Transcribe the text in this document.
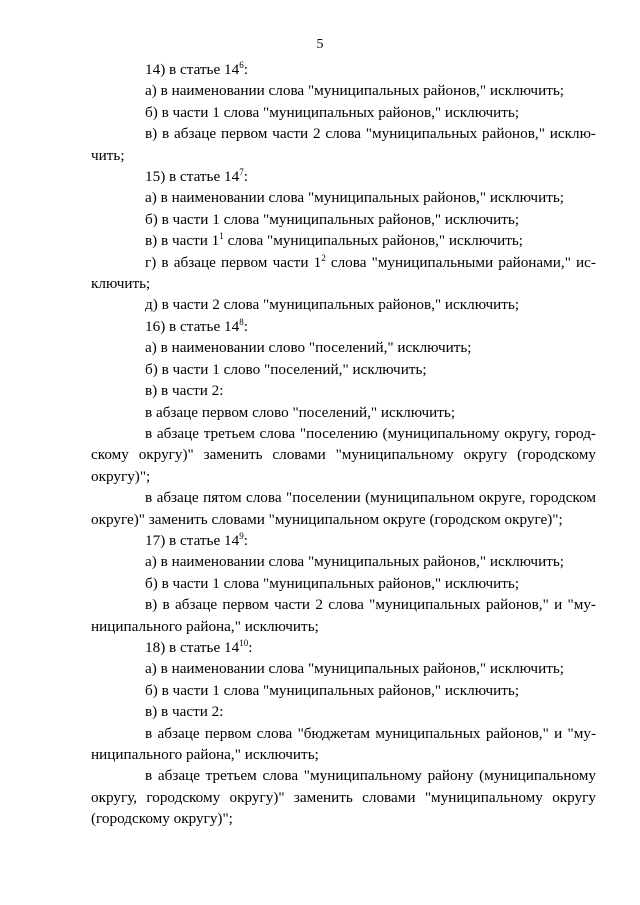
5

14) в статье $14^6$:

а) в наименовании слова "муниципальных районов," исключить;

б) в части 1 слова "муниципальных районов," исключить;

в) в абзаце первом части 2 слова "муниципальных районов," исклю-чить;

15) в статье $14^7$:

а) в наименовании слова "муниципальных районов," исключить;

б) в части 1 слова "муниципальных районов," исключить;

в) в части $1^1$ слова "муниципальных районов," исключить;

г) в абзаце первом части $1^2$ слова "муниципальными районами," ис-ключить;

д) в части 2 слова "муниципальных районов," исключить;

16) в статье $14^8$:

а) в наименовании слово "поселений," исключить;

б) в части 1 слово "поселений," исключить;

в) в части 2:

в абзаце первом слово "поселений," исключить;

в абзаце третьем слова "поселению (муниципальному округу, город-скому округу)" заменить словами "муниципальному округу (городскому округу)";

в абзаце пятом слова "поселении (муниципальном округе, городском округе)" заменить словами "муниципальном округе (городском округе)";

17) в статье $14^9$:

а) в наименовании слова "муниципальных районов," исключить;

б) в части 1 слова "муниципальных районов," исключить;

в) в абзаце первом части 2 слова "муниципальных районов," и "му-ниципального района," исключить;

18) в статье $14^{10}$:

а) в наименовании слова "муниципальных районов," исключить;

б) в части 1 слова "муниципальных районов," исключить;

в) в части 2:

в абзаце первом слова "бюджетам муниципальных районов," и "му-ниципального района," исключить;

в абзаце третьем слова "муниципальному району (муниципальному округу, городскому округу)" заменить словами "муниципальному округу (городскому округу)";
